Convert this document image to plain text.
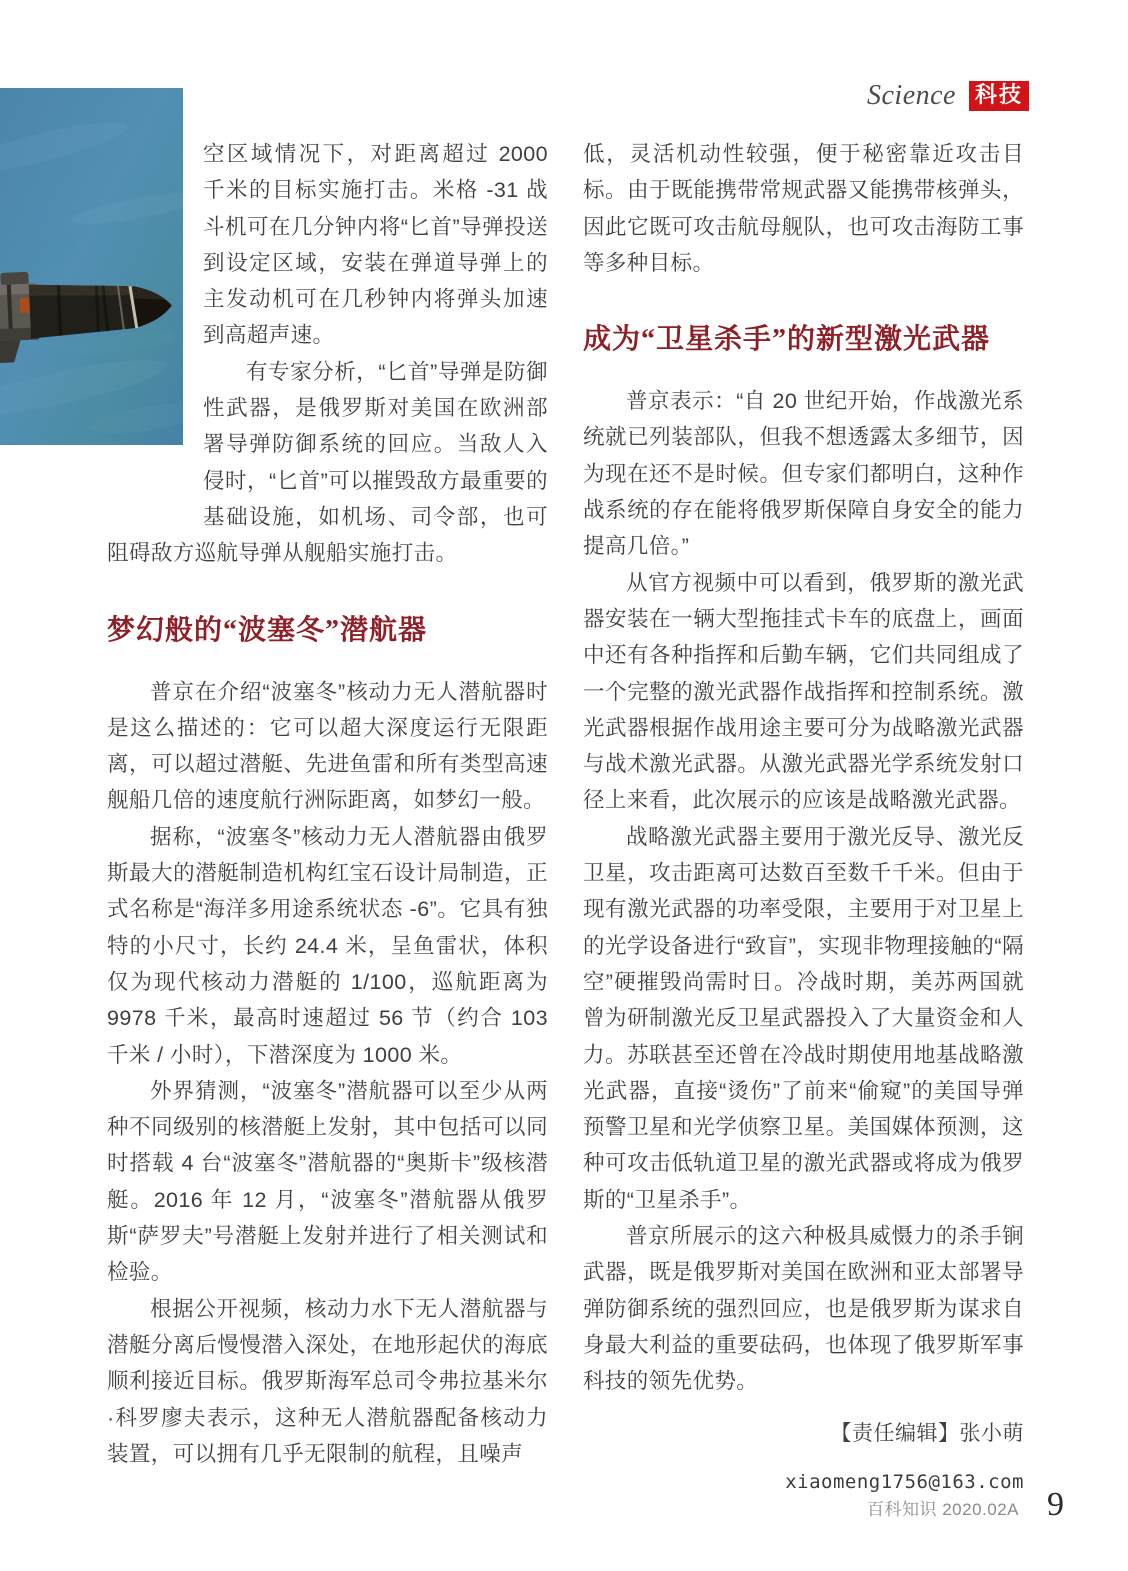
Science 科技

空区域情况下，对距离超过 2000 千米的目标实施打击。米格 -31 战斗机可在几分钟内将“匕首”导弹投送到设定区域，安装在弹道导弹上的主发动机可在几秒钟内将弹头加速到高超声速。

有专家分析，“匕首”导弹是防御性武器，是俄罗斯对美国在欧洲部署导弹防御系统的回应。当敌人入侵时，“匕首”可以摧毁敌方最重要的基础设施，如机场、司令部，也可阻碍敌方巡航导弹从舰船实施打击。

梦幻般的“波塞冬”潜航器

普京在介绍“波塞冬”核动力无人潜航器时是这么描述的：它可以超大深度运行无限距离，可以超过潜艇、先进鱼雷和所有类型高速舰船几倍的速度航行洲际距离，如梦幻一般。

据称，“波塞冬”核动力无人潜航器由俄罗斯最大的潜艇制造机构红宝石设计局制造，正式名称是“海洋多用途系统状态 -6”。它具有独特的小尺寸，长约 24.4 米，呈鱼雷状，体积仅为现代核动力潜艇的 1/100，巡航距离为 9978 千米，最高时速超过 56 节（约合 103 千米 / 小时），下潜深度为 1000 米。

外界猜测，“波塞冬”潜航器可以至少从两种不同级别的核潜艇上发射，其中包括可以同时搭载 4 台“波塞冬”潜航器的“奥斯卡”级核潜艇。2016 年 12 月，“波塞冬”潜航器从俄罗斯“萨罗夫”号潜艇上发射并进行了相关测试和检验。

根据公开视频，核动力水下无人潜航器与潜艇分离后慢慢潜入深处，在地形起伏的海底顺利接近目标。俄罗斯海军总司令弗拉基米尔·科罗廖夫表示，这种无人潜航器配备核动力装置，可以拥有几乎无限制的航程，且噪声

低，灵活机动性较强，便于秘密靠近攻击目标。由于既能携带常规武器又能携带核弹头，因此它既可攻击航母舰队，也可攻击海防工事等多种目标。

成为“卫星杀手”的新型激光武器

普京表示：“自 20 世纪开始，作战激光系统就已列装部队，但我不想透露太多细节，因为现在还不是时候。但专家们都明白，这种作战系统的存在能将俄罗斯保障自身安全的能力提高几倍。”

从官方视频中可以看到，俄罗斯的激光武器安装在一辆大型拖挂式卡车的底盘上，画面中还有各种指挥和后勤车辆，它们共同组成了一个完整的激光武器作战指挥和控制系统。激光武器根据作战用途主要可分为战略激光武器与战术激光武器。从激光武器光学系统发射口径上来看，此次展示的应该是战略激光武器。

战略激光武器主要用于激光反导、激光反卫星，攻击距离可达数百至数千千米。但由于现有激光武器的功率受限，主要用于对卫星上的光学设备进行“致盲”，实现非物理接触的“隔空”硬摧毁尚需时日。冷战时期，美苏两国就曾为研制激光反卫星武器投入了大量资金和人力。苏联甚至还曾在冷战时期使用地基战略激光武器，直接“烫伤”了前来“偷窥”的美国导弹预警卫星和光学侦察卫星。美国媒体预测，这种可攻击低轨道卫星的激光武器或将成为俄罗斯的“卫星杀手”。

普京所展示的这六种极具威慑力的杀手锏武器，既是俄罗斯对美国在欧洲和亚太部署导弹防御系统的强烈回应，也是俄罗斯为谋求自身最大利益的重要砝码，也体现了俄罗斯军事科技的领先优势。

【责任编辑】张小萌
xiaomeng1756@163.com
百科知识 2020.02A 9
